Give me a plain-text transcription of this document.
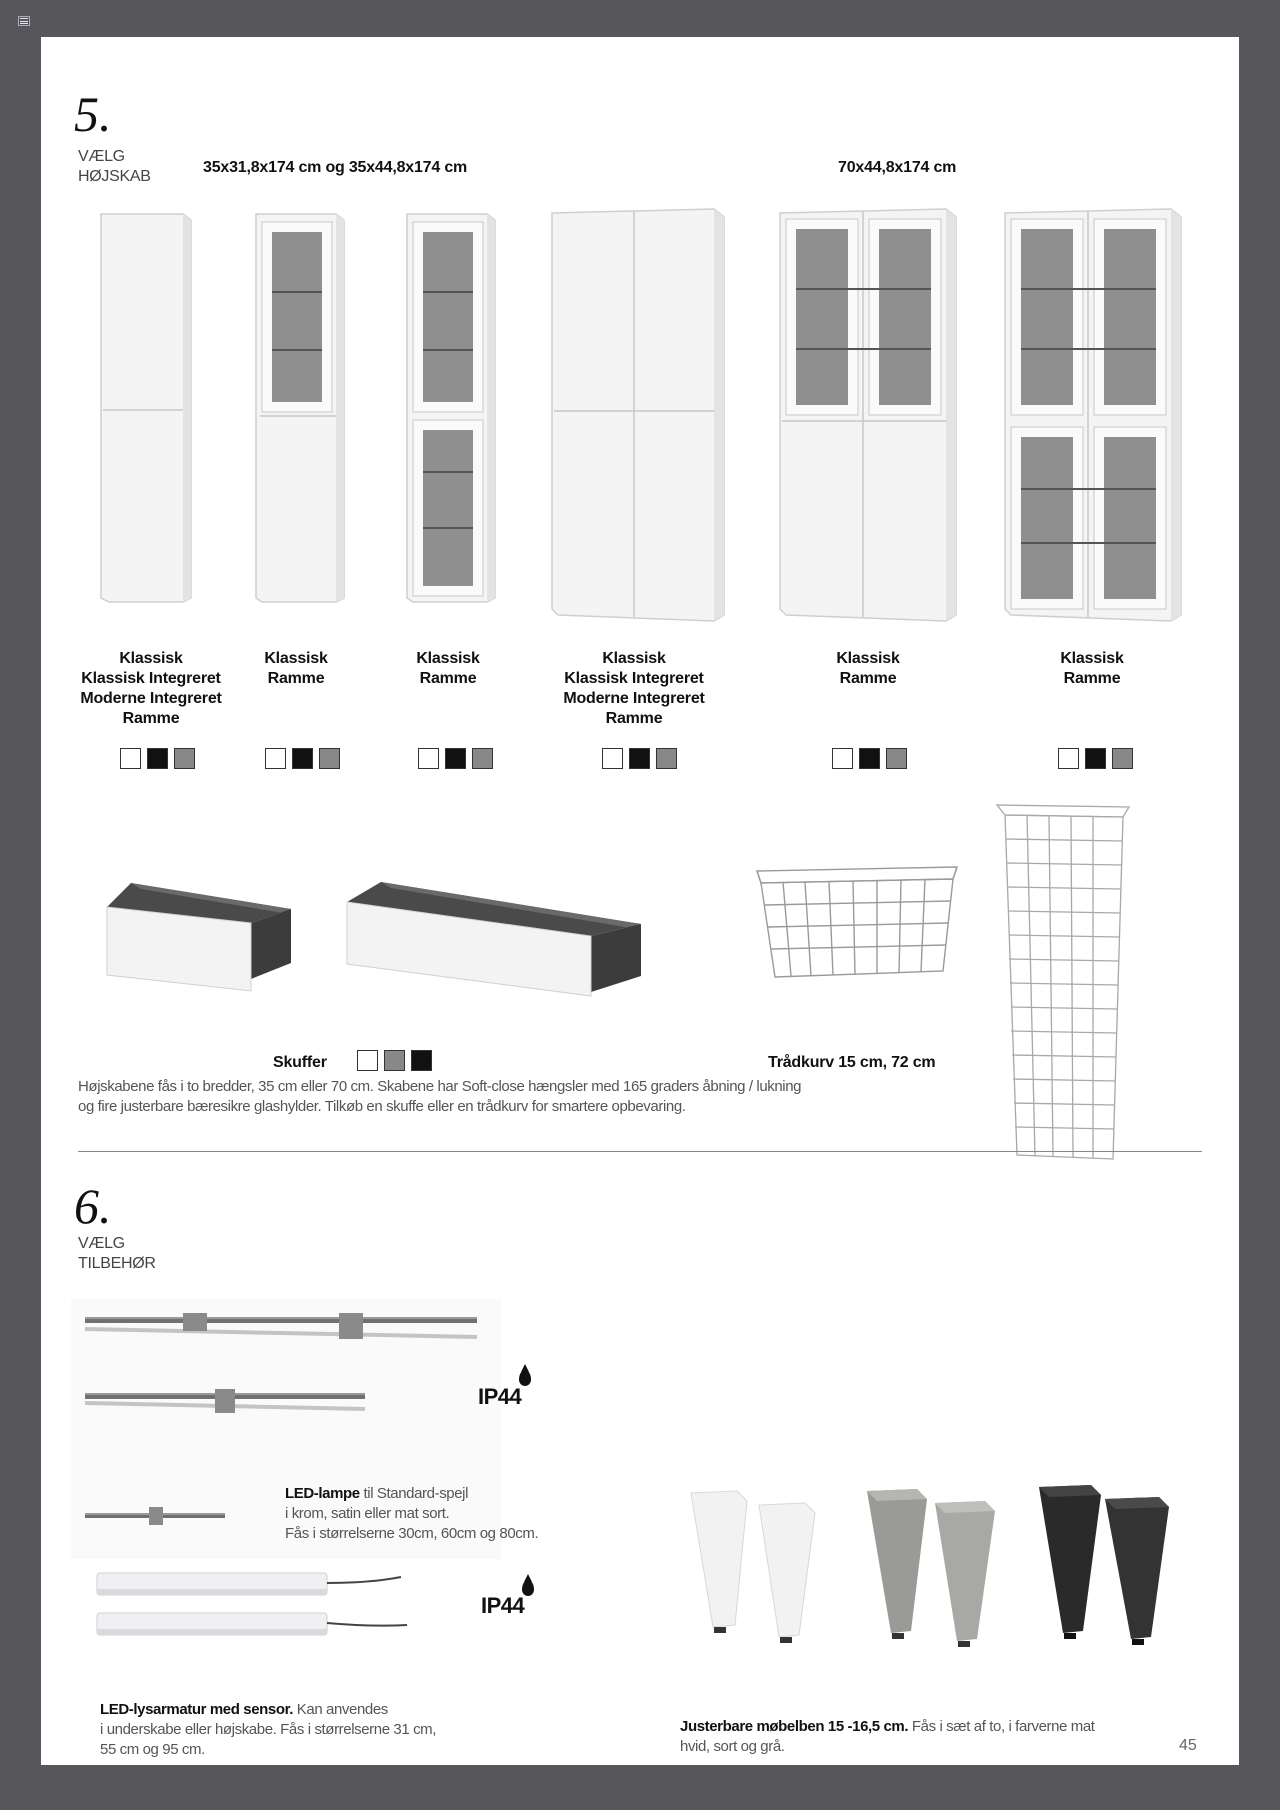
5.
VÆLG
HØJSKAB
35x31,8x174 cm og 35x44,8x174 cm	70x44,8x174 cm
Klassisk
Klassisk Integreret
Moderne Integreret
Ramme
Klassisk
Ramme
Klassisk
Ramme
Klassisk
Klassisk Integreret
Moderne Integreret
Ramme
Klassisk
Ramme
Klassisk
Ramme
Skuffer	Trådkurv 15 cm, 72 cm
Højskabene fås i to bredder, 35 cm eller 70 cm. Skabene har Soft-close hængsler med 165 graders åbning / lukning
og fire justerbare bæresikre glashylder. Tilkøb en skuffe eller en trådkurv for smartere opbevaring.
6.
VÆLG
TILBEHØR
IP44
LED-lampe til Standard-spejl
i krom, satin eller mat sort.
Fås i størrelserne 30cm, 60cm og 80cm.
IP44
LED-lysarmatur med sensor. Kan anvendes
i underskabe eller højskabe. Fås i størrelserne 31 cm,
55 cm og 95 cm.
Justerbare møbelben 15 -16,5 cm. Fås i sæt af to, i farverne mat
hvid, sort og grå.	45
